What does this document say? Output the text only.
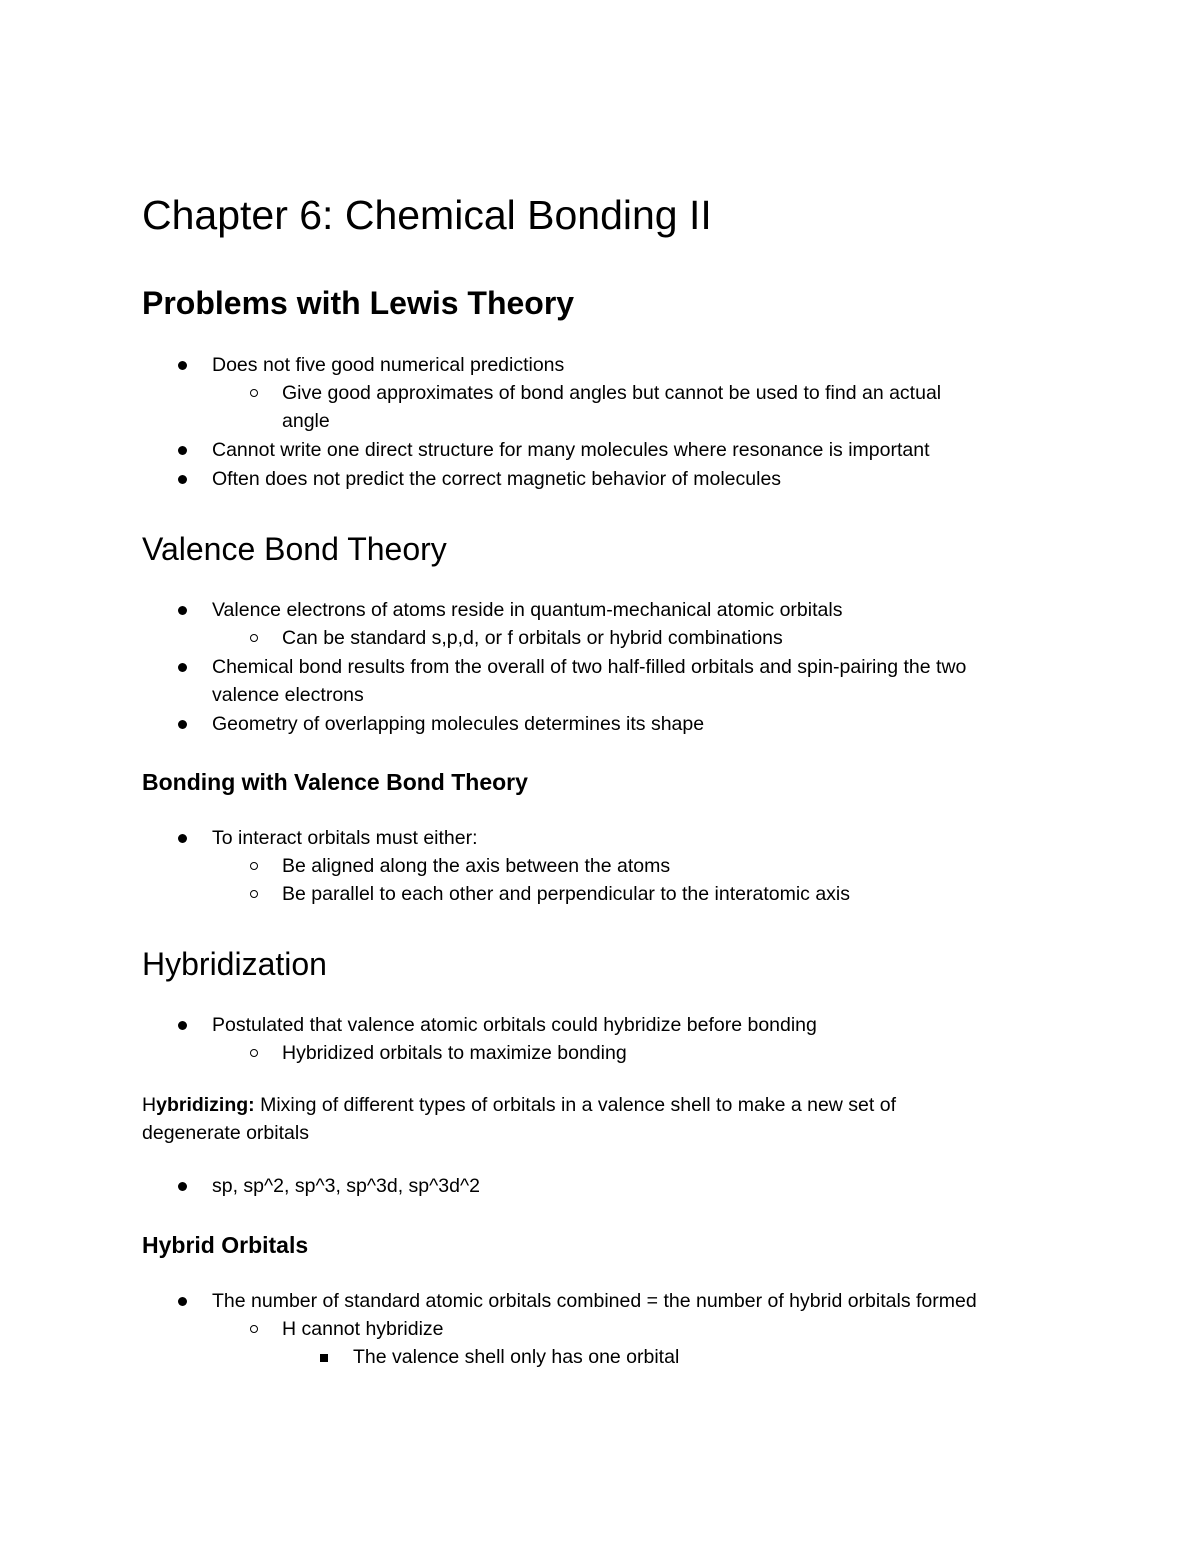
Chapter 6: Chemical Bonding II
Problems with Lewis Theory
Does not five good numerical predictions
Give good approximates of bond angles but cannot be used to find an actual
angle
Cannot write one direct structure for many molecules where resonance is important
Often does not predict the correct magnetic behavior of molecules
Valence Bond Theory
Valence electrons of atoms reside in quantum-mechanical atomic orbitals
Can be standard s,p,d, or f orbitals or hybrid combinations
Chemical bond results from the overall of two half-filled orbitals and spin-pairing the two
valence electrons
Geometry of overlapping molecules determines its shape
Bonding with Valence Bond Theory
To interact orbitals must either:
Be aligned along the axis between the atoms
Be parallel to each other and perpendicular to the interatomic axis
Hybridization
Postulated that valence atomic orbitals could hybridize before bonding
Hybridized orbitals to maximize bonding
Hybridizing: Mixing of different types of orbitals in a valence shell to make a new set of
degenerate orbitals
sp, sp^2, sp^3, sp^3d, sp^3d^2
Hybrid Orbitals
The number of standard atomic orbitals combined = the number of hybrid orbitals formed
H cannot hybridize
The valence shell only has one orbital
